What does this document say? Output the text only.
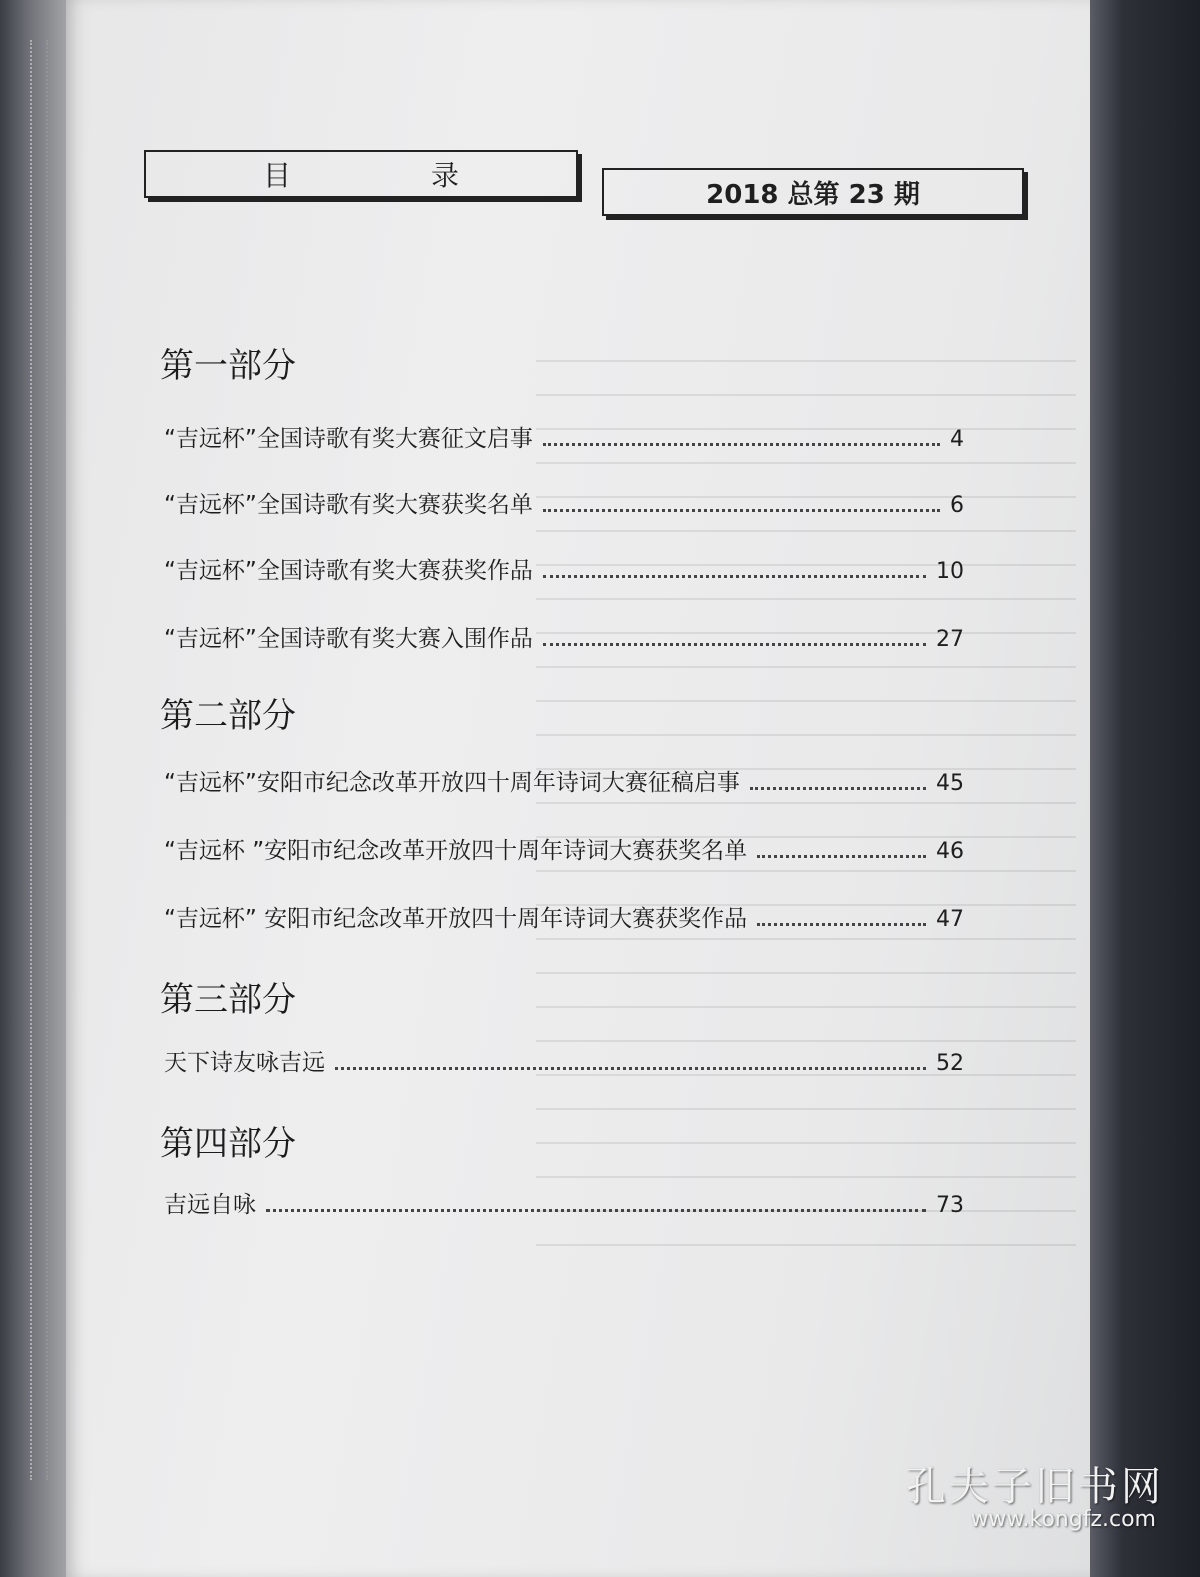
目　录
2018 总第 23 期
第一部分
“吉远杯”全国诗歌有奖大赛征文启事	4
“吉远杯”全国诗歌有奖大赛获奖名单	6
“吉远杯”全国诗歌有奖大赛获奖作品	10
“吉远杯”全国诗歌有奖大赛入围作品	27
第二部分
“吉远杯”安阳市纪念改革开放四十周年诗词大赛征稿启事	45
“吉远杯 ”安阳市纪念改革开放四十周年诗词大赛获奖名单	46
“吉远杯” 安阳市纪念改革开放四十周年诗词大赛获奖作品	47
第三部分
天下诗友咏吉远	52
第四部分
吉远自咏	73
孔夫子旧书网
www.kongfz.com
